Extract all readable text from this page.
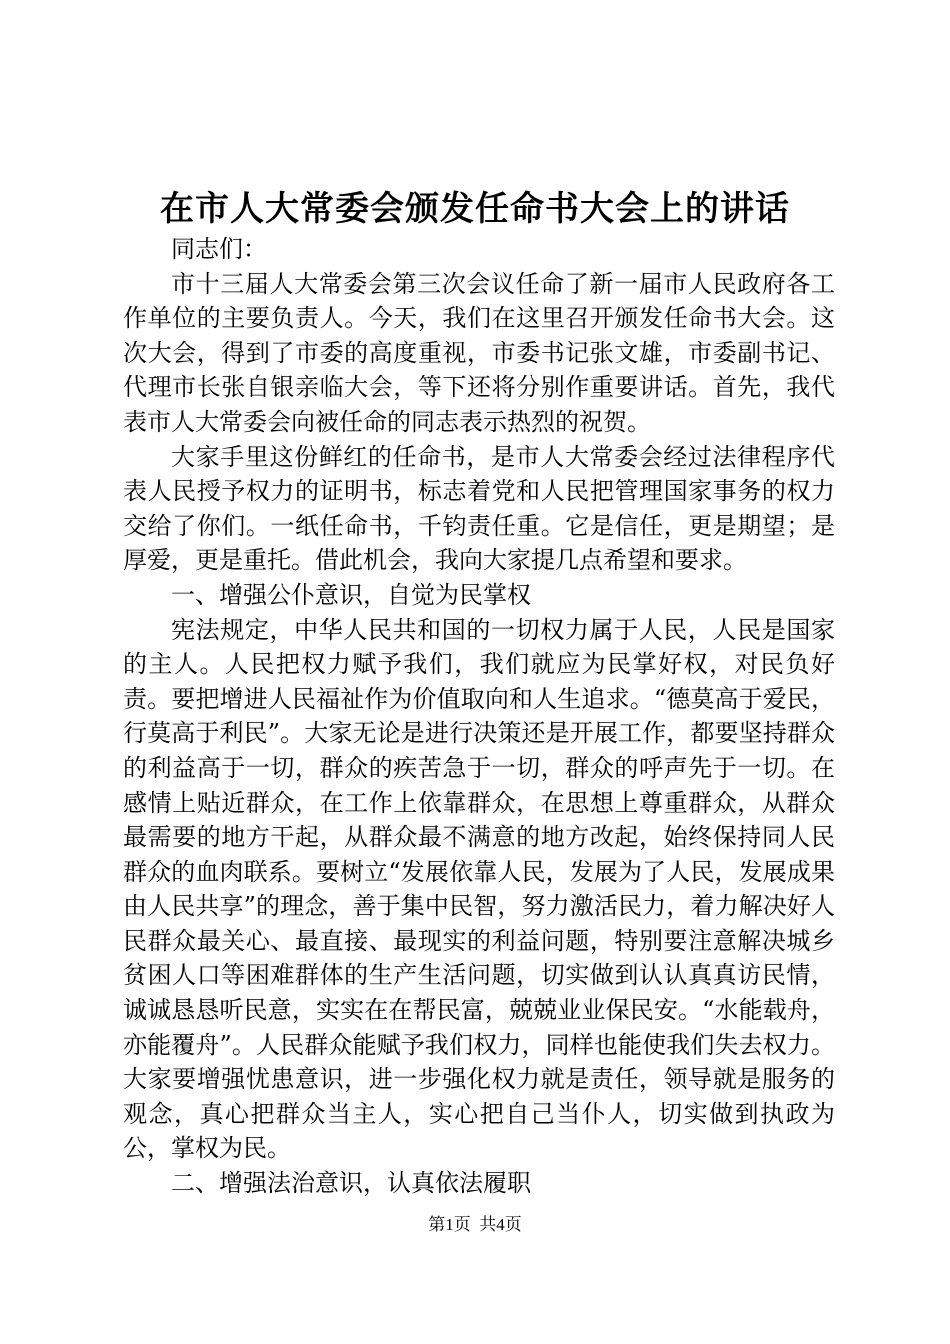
在市人大常委会颁发任命书大会上的讲话

同志们：

市十三届人大常委会第三次会议任命了新一届市人民政府各工作单位的主要负责人。今天，我们在这里召开颁发任命书大会。这次大会，得到了市委的高度重视，市委书记张文雄，市委副书记、代理市长张自银亲临大会，等下还将分别作重要讲话。首先，我代表市人大常委会向被任命的同志表示热烈的祝贺。

大家手里这份鲜红的任命书，是市人大常委会经过法律程序代表人民授予权力的证明书，标志着党和人民把管理国家事务的权力交给了你们。一纸任命书，千钧责任重。它是信任，更是期望；是厚爱，更是重托。借此机会，我向大家提几点希望和要求。

一、增强公仆意识，自觉为民掌权

宪法规定，中华人民共和国的一切权力属于人民，人民是国家的主人。人民把权力赋予我们，我们就应为民掌好权，对民负好责。要把增进人民福祉作为价值取向和人生追求。“德莫高于爱民，行莫高于利民”。大家无论是进行决策还是开展工作，都要坚持群众的利益高于一切，群众的疾苦急于一切，群众的呼声先于一切。在感情上贴近群众，在工作上依靠群众，在思想上尊重群众，从群众最需要的地方干起，从群众最不满意的地方改起，始终保持同人民群众的血肉联系。要树立“发展依靠人民，发展为了人民，发展成果由人民共享”的理念，善于集中民智，努力激活民力，着力解决好人民群众最关心、最直接、最现实的利益问题，特别要注意解决城乡贫困人口等困难群体的生产生活问题，切实做到认认真真访民情，诚诚恳恳听民意，实实在在帮民富，兢兢业业保民安。“水能载舟，亦能覆舟”。人民群众能赋予我们权力，同样也能使我们失去权力。大家要增强忧患意识，进一步强化权力就是责任，领导就是服务的观念，真心把群众当主人，实心把自己当仆人，切实做到执政为公，掌权为民。

二、增强法治意识，认真依法履职

第1页 共4页
